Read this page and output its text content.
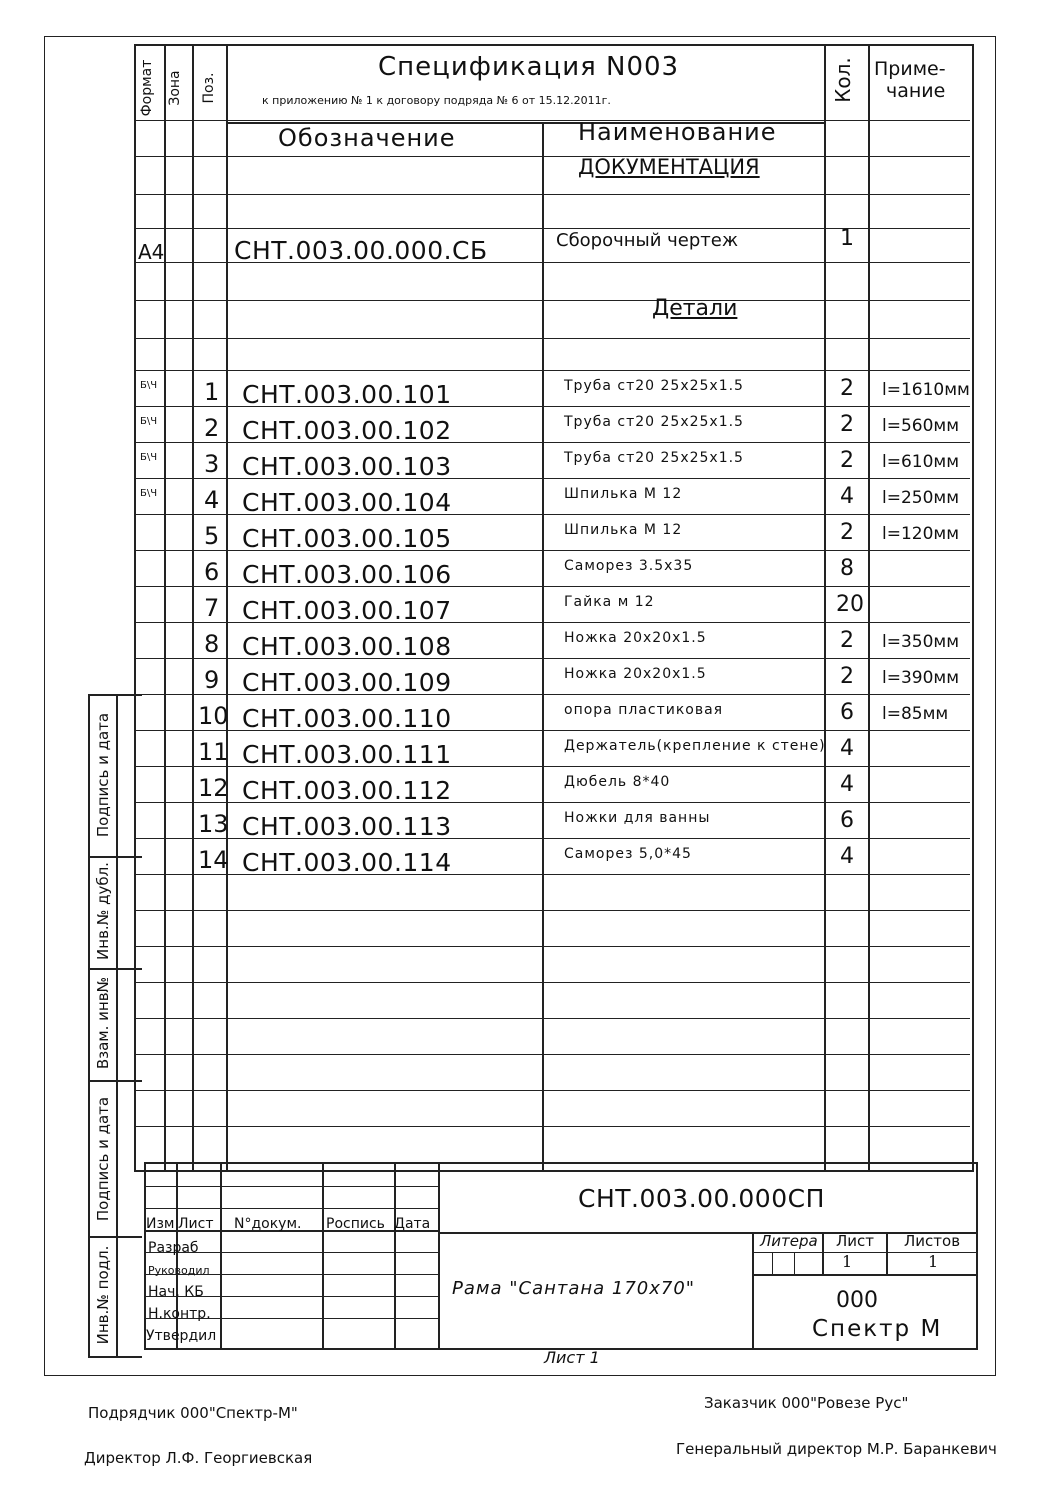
Подпись и дата
Инв.№ дубл.
Взам. инв№
Подпись и дата
Инв.№ подл.
Формат Зона Поз.
Спецификация N003
к приложению № 1 к договору подряда № 6 от 15.12.2011г.	Кол. Приме-
чание
Обозначение	Наименование
ДОКУМЕНТАЦИЯ
А4	СНТ.003.00.000.СБ	Сборочный чертеж	1
Детали
Б\Ч 1 СНТ.003.00.101	Труба ст20 25x25x1.5	2 l=1610мм
Б\Ч 2 СНТ.003.00.102	Труба ст20 25x25x1.5	2 l=560мм
Б\Ч 3 СНТ.003.00.103	Труба ст20 25x25x1.5	2 l=610мм
Б\Ч 4 СНТ.003.00.104	Шпилька М 12	4 l=250мм
5 СНТ.003.00.105	Шпилька М 12	2 l=120мм
6 СНТ.003.00.106	Саморез 3.5x35	8
7 СНТ.003.00.107	Гайка м 12	20
8 СНТ.003.00.108	Ножка 20x20x1.5	2 l=350мм
9 СНТ.003.00.109	Ножка 20x20x1.5	2 l=390мм
10 СНТ.003.00.110	опора пластиковая	6 l=85мм
11 СНТ.003.00.111	Держатель(крепление к стене) 4
12 СНТ.003.00.112	Дюбель 8*40	4
13 СНТ.003.00.113	Ножки для ванны	6
14 СНТ.003.00.114	Саморез 5,0*45	4
СНТ.003.00.000СП
Изм Лист N°докум. Роспись Дата
Разраб
Руководил
Нач. КБ
Н.контр.
Утвердил
Рама "Сантана 170x70"
Литера Лист Листов
1	1
000
Спектр М
Лист 1
Подрядчик 000"Спектр-М"
Заказчик 000"Ровезе Рус"
Директор Л.Ф. Георгиевская	Генеральный директор М.Р. Баранкевич
